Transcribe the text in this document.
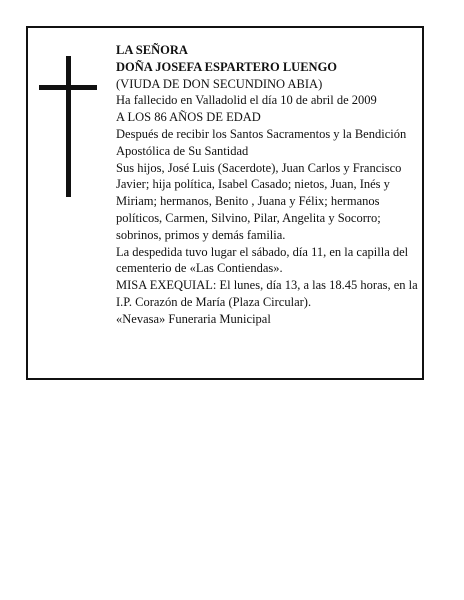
LA SEÑORA
DOÑA JOSEFA ESPARTERO LUENGO
(VIUDA DE DON SECUNDINO ABIA)
Ha fallecido en Valladolid el día 10 de abril de 2009
A LOS 86 AÑOS DE EDAD
Después de recibir los Santos Sacramentos y la Bendición Apostólica de Su Santidad
Sus hijos, José Luis (Sacerdote), Juan Carlos y Francisco Javier; hija política, Isabel Casado; nietos, Juan, Inés y Miriam; hermanos, Benito , Juana y Félix; hermanos políticos, Carmen, Silvino, Pilar, Angelita y Socorro; sobrinos, primos y demás familia.
La despedida tuvo lugar el sábado, día 11, en la capilla del cementerio de «Las Contiendas».
MISA EXEQUIAL: El lunes, día 13, a las 18.45 horas, en la I.P. Corazón de María (Plaza Circular).
«Nevasa» Funeraria Municipal
